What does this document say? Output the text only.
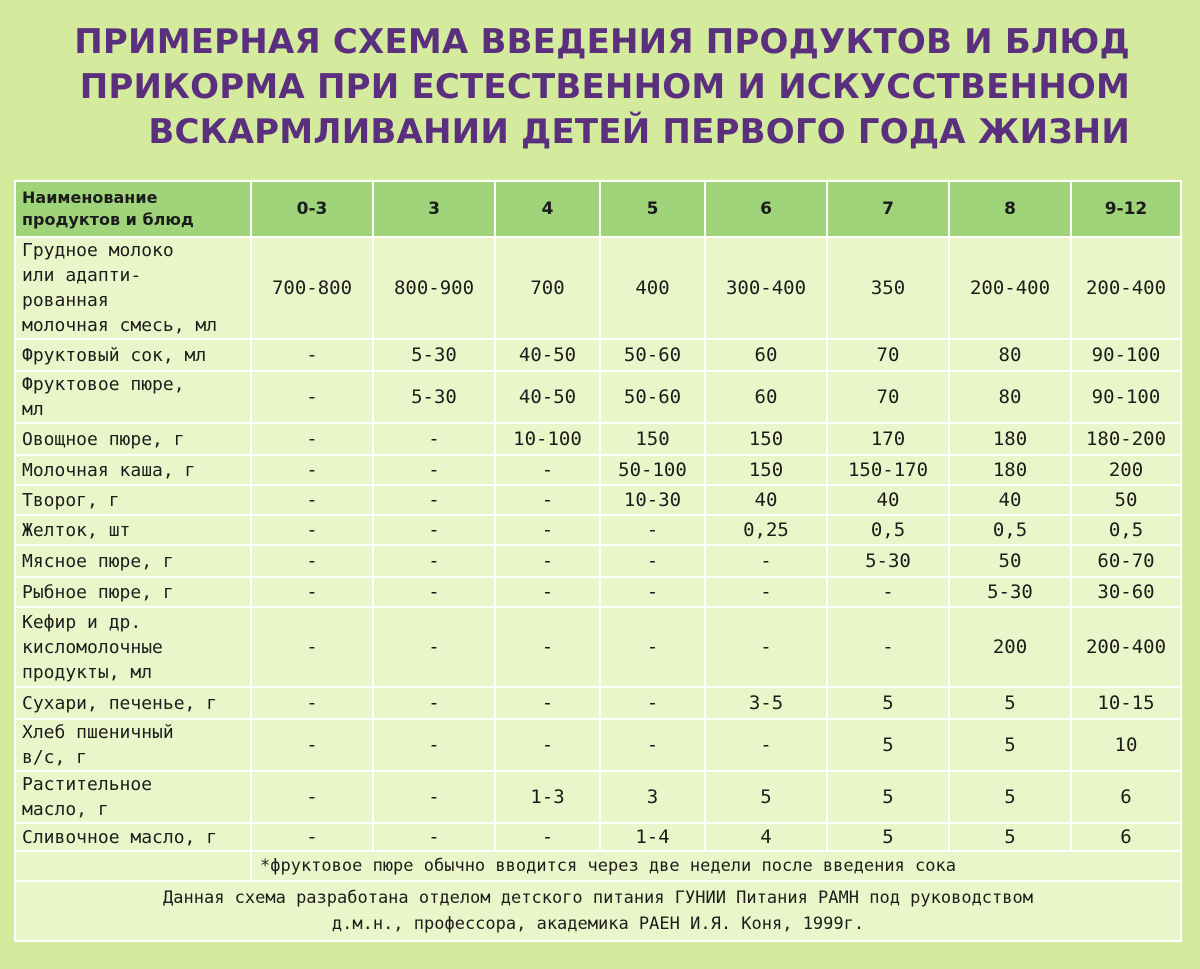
ПРИМЕРНАЯ СХЕМА ВВЕДЕНИЯ ПРОДУКТОВ И БЛЮД
ПРИКОРМА ПРИ ЕСТЕСТВЕННОМ И ИСКУССТВЕННОМ
ВСКАРМЛИВАНИИ ДЕТЕЙ ПЕРВОГО ГОДА ЖИЗНИ
Наименование
продуктов и блюд	0-3	3	4	5	6	7	8	9-12

Грудное молоко
или адапти-
рованная
молочная смесь, мл	700-800	800-900	700	400	300-400	350	200-400	200-400

Фруктовый сок, мл	-	5-30	40-50	50-60	60	70	80	90-100

Фруктовое пюре,
мл	-	5-30	40-50	50-60	60	70	80	90-100

Овощное пюре, г	-	-	10-100	150	150	170	180	180-200

Молочная каша, г	-	-	-	50-100	150	150-170	180	200

Творог, г	-	-	-	10-30	40	40	40	50

Желток, шт	-	-	-	-	0,25	0,5	0,5	0,5

Мясное пюре, г	-	-	-	-	-	5-30	50	60-70

Рыбное пюре, г	-	-	-	-	-	-	5-30	30-60

Кефир и др.
кисломолочные
продукты, мл	-	-	-	-	-	-	200	200-400

Сухари, печенье, г	-	-	-	-	3-5	5	5	10-15

Хлеб пшеничный
в/с, г	-	-	-	-	-	5	5	10

Растительное
масло, г	-	-	1-3	3	5	5	5	6

Сливочное масло, г	-	-	-	1-4	4	5	5	6
	*фруктовое пюре обычно вводится через две недели после введения сока							

Данная схема разработана отделом детского питания ГУНИИ Питания РАМН под руководством
д.м.н., профессора, академика РАЕН И.Я. Коня, 1999г.								
